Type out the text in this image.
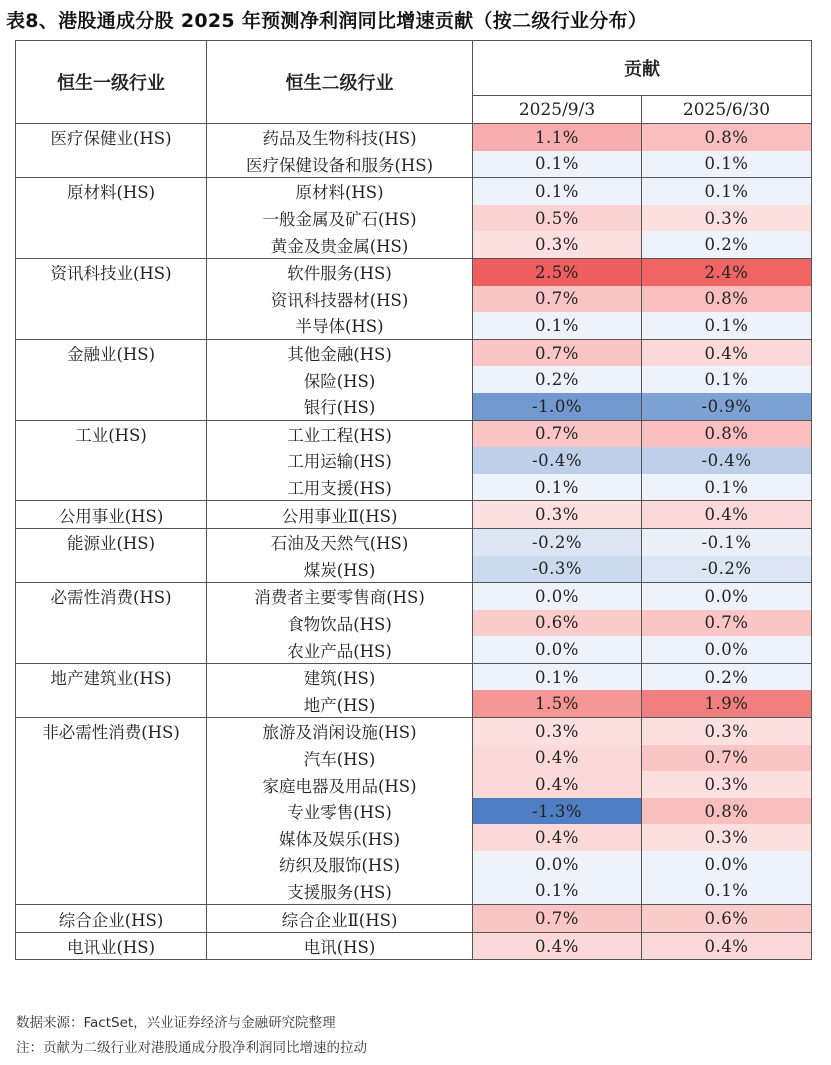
表8、港股通成分股 2025 年预测净利润同比增速贡献（按二级行业分布）
恒生一级行业	恒生二级行业	贡献	
		2025/9/3	2025/6/30
医疗保健业(HS)	药品及生物科技(HS)	1.1%	0.8%
	医疗保健设备和服务(HS)	0.1%	0.1%
原材料(HS)	原材料(HS)	0.1%	0.1%
	一般金属及矿石(HS)	0.5%	0.3%
	黄金及贵金属(HS)	0.3%	0.2%
资讯科技业(HS)	软件服务(HS)	2.5%	2.4%
	资讯科技器材(HS)	0.7%	0.8%
	半导体(HS)	0.1%	0.1%
金融业(HS)	其他金融(HS)	0.7%	0.4%
	保险(HS)	0.2%	0.1%
	银行(HS)	-1.0%	-0.9%
工业(HS)	工业工程(HS)	0.7%	0.8%
	工用运输(HS)	-0.4%	-0.4%
	工用支援(HS)	0.1%	0.1%
公用事业(HS)	公用事业Ⅱ(HS)	0.3%	0.4%
能源业(HS)	石油及天然气(HS)	-0.2%	-0.1%
	煤炭(HS)	-0.3%	-0.2%
必需性消费(HS)	消费者主要零售商(HS)	0.0%	0.0%
	食物饮品(HS)	0.6%	0.7%
	农业产品(HS)	0.0%	0.0%
地产建筑业(HS)	建筑(HS)	0.1%	0.2%
	地产(HS)	1.5%	1.9%
非必需性消费(HS)	旅游及消闲设施(HS)	0.3%	0.3%
	汽车(HS)	0.4%	0.7%
	家庭电器及用品(HS)	0.4%	0.3%
	专业零售(HS)	-1.3%	0.8%
	媒体及娱乐(HS)	0.4%	0.3%
	纺织及服饰(HS)	0.0%	0.0%
	支援服务(HS)	0.1%	0.1%
综合企业(HS)	综合企业Ⅱ(HS)	0.7%	0.6%
电讯业(HS)	电讯(HS)	0.4%	0.4%
数据来源：FactSet，兴业证券经济与金融研究院整理
注：贡献为二级行业对港股通成分股净利润同比增速的拉动
